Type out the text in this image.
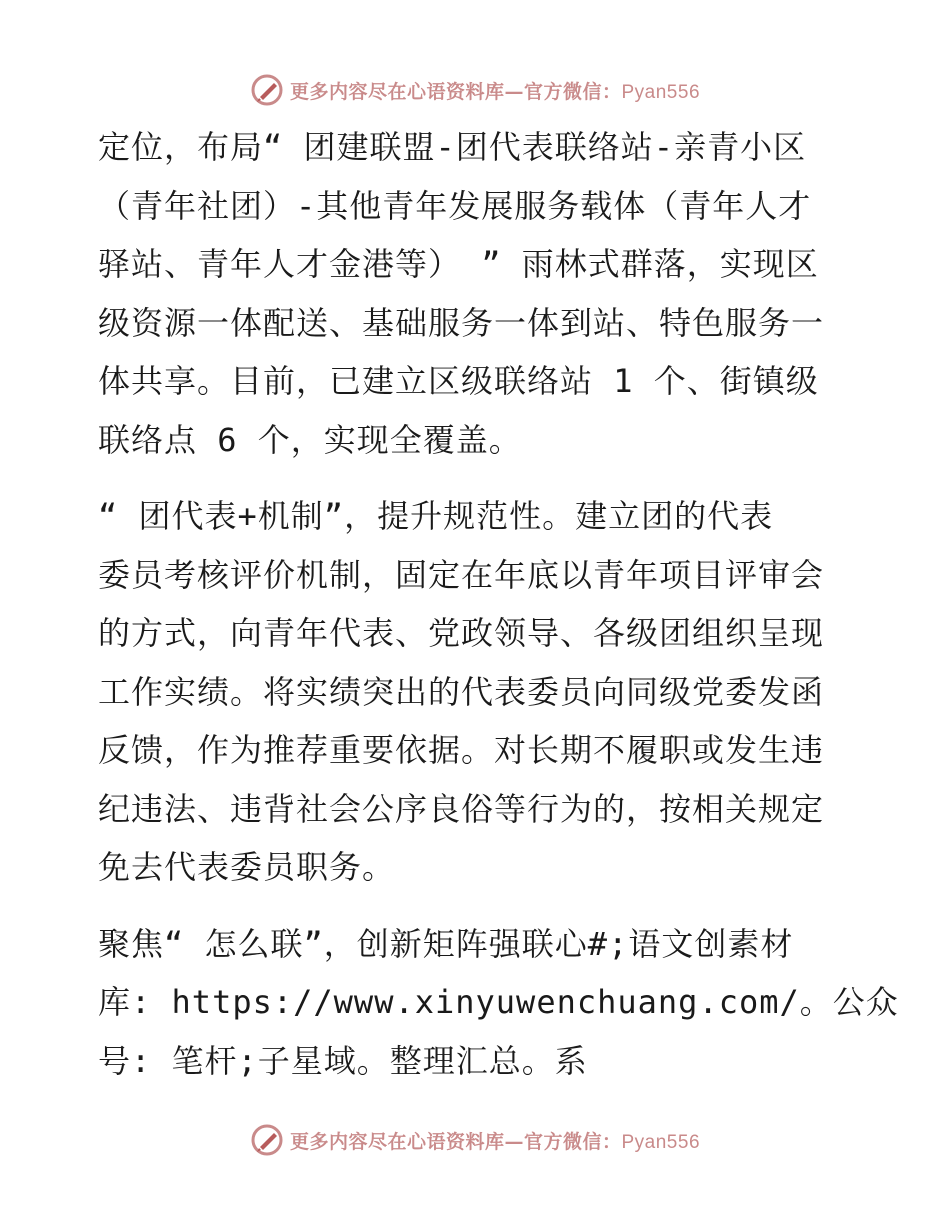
更多内容尽在心语资料库—官方微信：Pyan556

定位，布局“ 团建联盟-团代表联络站-亲青小区
（青年社团）-其他青年发展服务载体（青年人才
驿站、青年人才金港等） ” 雨林式群落，实现区
级资源一体配送、基础服务一体到站、特色服务一
体共享。目前，已建立区级联络站 1 个、街镇级
联络点 6 个，实现全覆盖。

“ 团代表+机制”，提升规范性。建立团的代表
委员考核评价机制，固定在年底以青年项目评审会
的方式，向青年代表、党政领导、各级团组织呈现
工作实绩。将实绩突出的代表委员向同级党委发函
反馈，作为推荐重要依据。对长期不履职或发生违
纪违法、违背社会公序良俗等行为的，按相关规定
免去代表委员职务。

聚焦“ 怎么联”，创新矩阵强联心#;语文创素材
库: https://www.xinyuwenchuang.com/。公众
号: 笔杆;子星域。整理汇总。系

更多内容尽在心语资料库—官方微信：Pyan556
